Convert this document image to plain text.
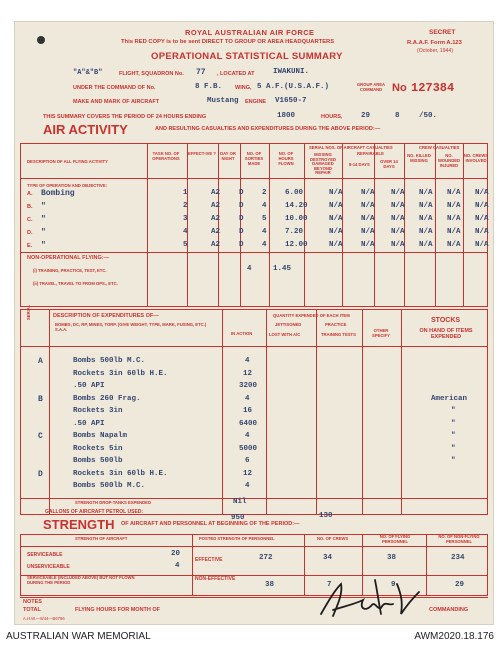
ROYAL AUSTRALIAN AIR FORCE
This RED COPY is to be sent DIRECT TO GROUP OR AREA HEADQUARTERS
OPERATIONAL STATISTICAL SUMMARY
SECRET
R.A.A.F. Form A.123
(October, 1944)
"A"&"B"	FLIGHT, SQUADRON No. 77 , LOCATED AT IWAKUNI.
UNDER THE COMMAND OF No.	8 F.B. WING, 5 A.F.(U.S.A.F.)	GROUP AREA COMMAND
MAKE AND MARK OF AIRCRAFT	Mustang ENGINE V1650-7
No 127384
THIS SUMMARY COVERS THE PERIOD OF 24 HOURS ENDING	1800	HOURS, 29	8	/50.
AIR ACTIVITY	AND RESULTING CASUALTIES AND EXPENDITURES DURING THE ABOVE PERIOD:—
DESCRIPTION OF ALL FLYING ACTIVITY
TASK NO. OF OPERATIONS
EFFECT-IVE ? DAY OR NIGHT
NO. OF SORTIES MADE
NO. OF HOURS FLOWN
SERIAL NOS. OF AIRCRAFT CASUALTIES
MISSING DESTROYED DAMAGED BEYOND REPAIR
REPAIRABLE
8-14 DAYS
OVER 14 DAYS
CREW CASUALTIES
NO. KILLED MISSING
NO. WOUNDED INJURED
NO. CREWS INVOLVED
TYPE OF OPERATION AND OBJECTIVE:
A. Bombing	1	A2	D 2 6.00	N/A N/A N/A N/A N/A N/A
B. "	2	A2	D 4 14.20	N/A N/A N/A N/A N/A N/A
C. "	3	A2	D 5 10.00	N/A N/A N/A N/A N/A N/A
D. "	4	A2	D 4 7.20	N/A N/A N/A N/A N/A N/A
E. "	5	A2	D 4 12.00	N/A N/A N/A N/A N/A N/A
NON-OPERATIONAL FLYING:—
(i) TRAINING, PRACTICE, TEST, ETC.	4	1.45
(ii) TRAVEL, TRAVEL TO FROM OPS., ETC.
SERIAL	DESCRIPTION OF EXPENDITURES OF—
BOMBS, DC, RP, MINES, TORP. (GIVE WEIGHT, TYPE, MARK, FUSING, ETC.) S.A.A.
QUANTITY EXPENDED OF EACH ITEM
IN ACTION
JETTISONED
LOST WITH A/C
PRACTICE
TRAINING TESTS
OTHER SPECIFY
STOCKS
ON HAND OF ITEMS EXPENDED
A	Bombs 500lb M.C.	4
Rockets 3in 60lb H.E.	12
.50 API	3200
B	Bombs 260 Frag.	4	American
Rockets 3in	16	"
.50 API	6400	"
C	Bombs Napalm	4	"
Rockets 5in	5000	"
Bombs 500lb	6	"
D	Rockets 3in 60lb H.E.	12
Bombs 500lb M.C.	4
STRENGTH DROP-TANKS EXPENDED	Nil
GALLONS OF AIRCRAFT PETROL USED:
950	130
STRENGTH OF AIRCRAFT AND PERSONNEL AT BEGINNING OF THE PERIOD:—
STRENGTH OF AIRCRAFT	POSTED STRENGTH OF PERSONNEL	NO. OF CREWS	NO. OF FLYING PERSONNEL
NO. OF NON-FLYING PERSONNEL
SERVICEABLE	20
UNSERVICEABLE	4
SERVICEABLE (INCLUDED ABOVE) BUT NOT FLOWN DURING THE PERIOD
EFFECTIVE	272	34	38	234
NON-EFFECTIVE
38	7	9	29
NOTES
TOTAL	FLYING HOURS FOR MONTH OF	COMMANDING
A.H.W.—8/44—B6796
AUSTRALIAN WAR MEMORIAL	AWM2020.18.176
